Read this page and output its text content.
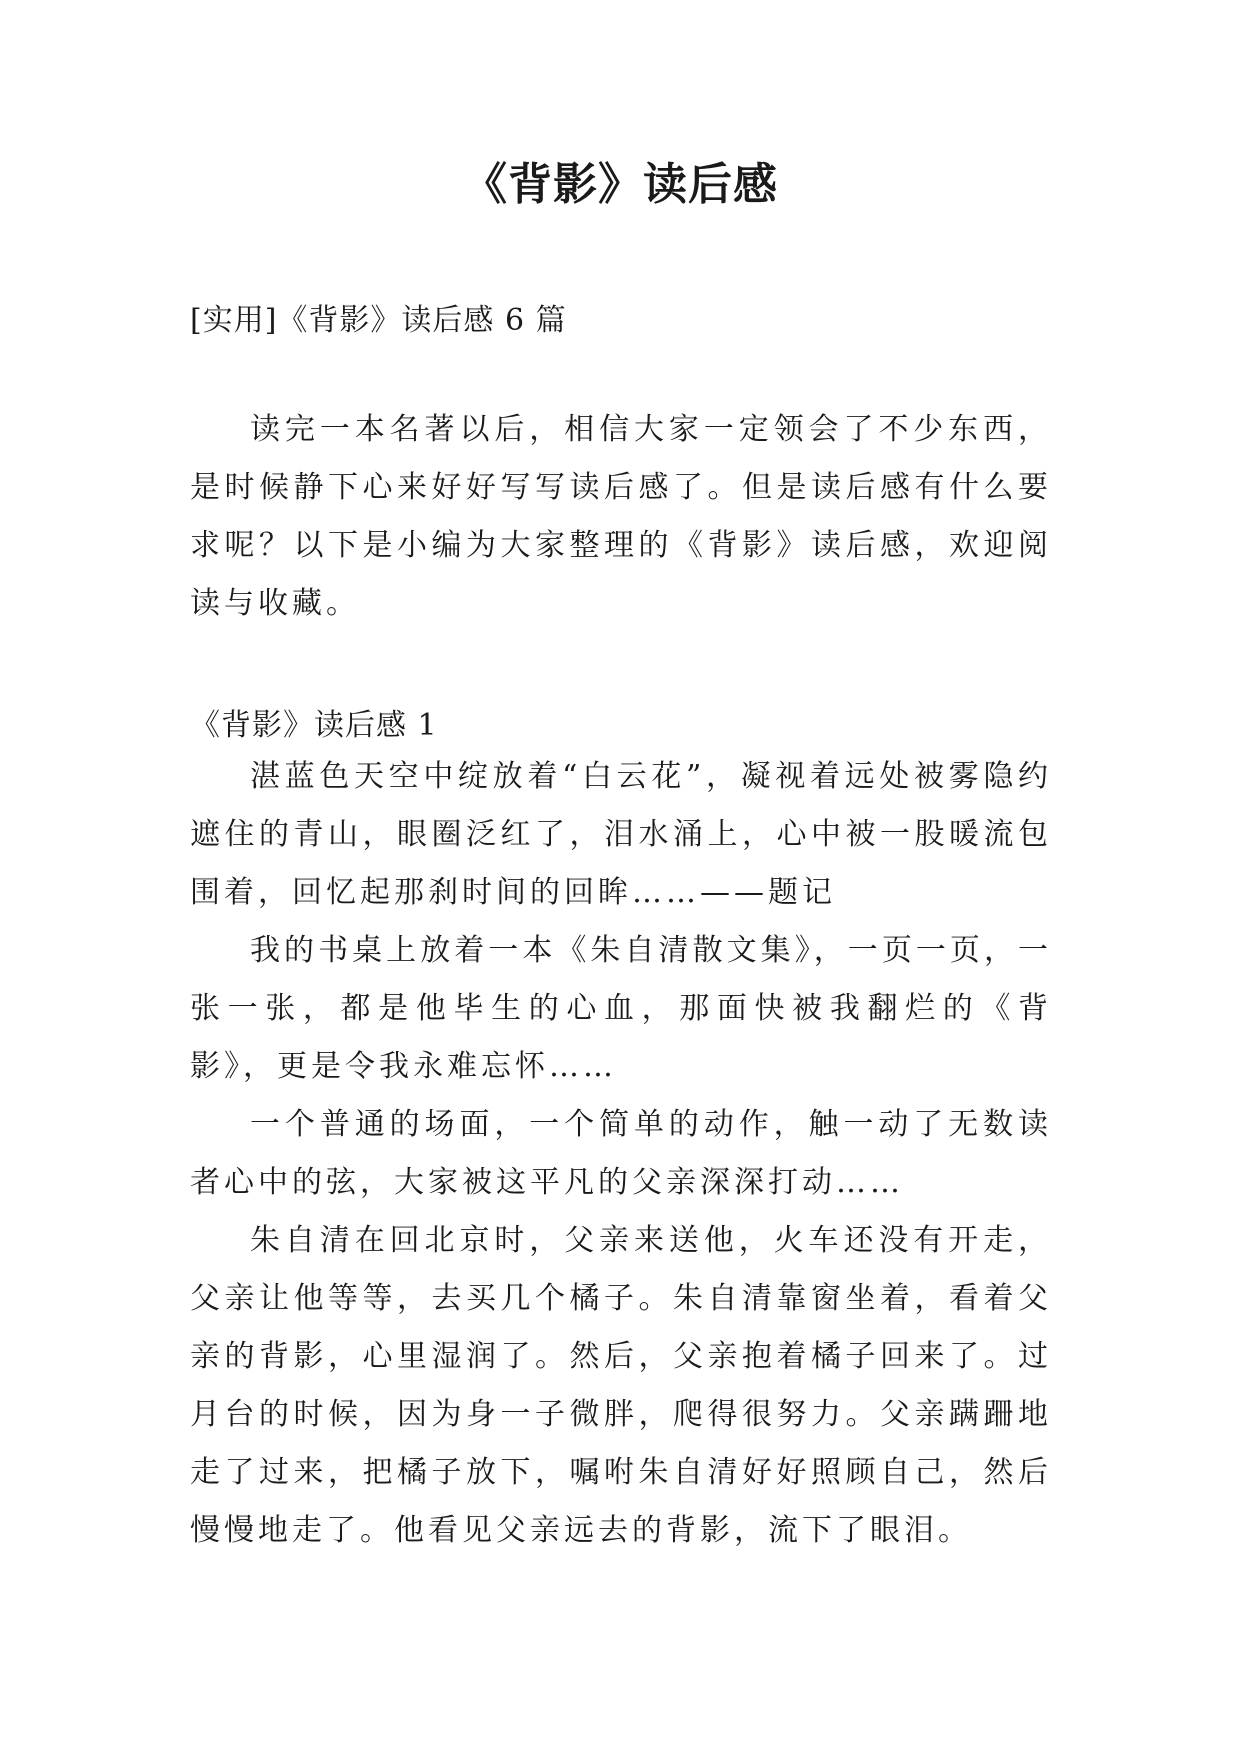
《背影》读后感
[实用]《背影》读后感 6 篇

读完一本名著以后，相信大家一定领会了不少东西，是时候静下心来好好写写读后感了。但是读后感有什么要求呢？以下是小编为大家整理的《背影》读后感，欢迎阅读与收藏。

《背影》读后感 1

湛蓝色天空中绽放着“白云花”，凝视着远处被雾隐约遮住的青山，眼圈泛红了，泪水涌上，心中被一股暖流包围着，回忆起那刹时间的回眸……——题记

我的书桌上放着一本《朱自清散文集》，一页一页，一张一张，都是他毕生的心血，那面快被我翻烂的《背影》，更是令我永难忘怀……

一个普通的场面，一个简单的动作，触一动了无数读者心中的弦，大家被这平凡的父亲深深打动……

朱自清在回北京时，父亲来送他，火车还没有开走，父亲让他等等，去买几个橘子。朱自清靠窗坐着，看着父亲的背影，心里湿润了。然后，父亲抱着橘子回来了。过月台的时候，因为身一子微胖，爬得很努力。父亲蹒跚地走了过来，把橘子放下，嘱咐朱自清好好照顾自己，然后慢慢地走了。他看见父亲远去的背影，流下了眼泪。
